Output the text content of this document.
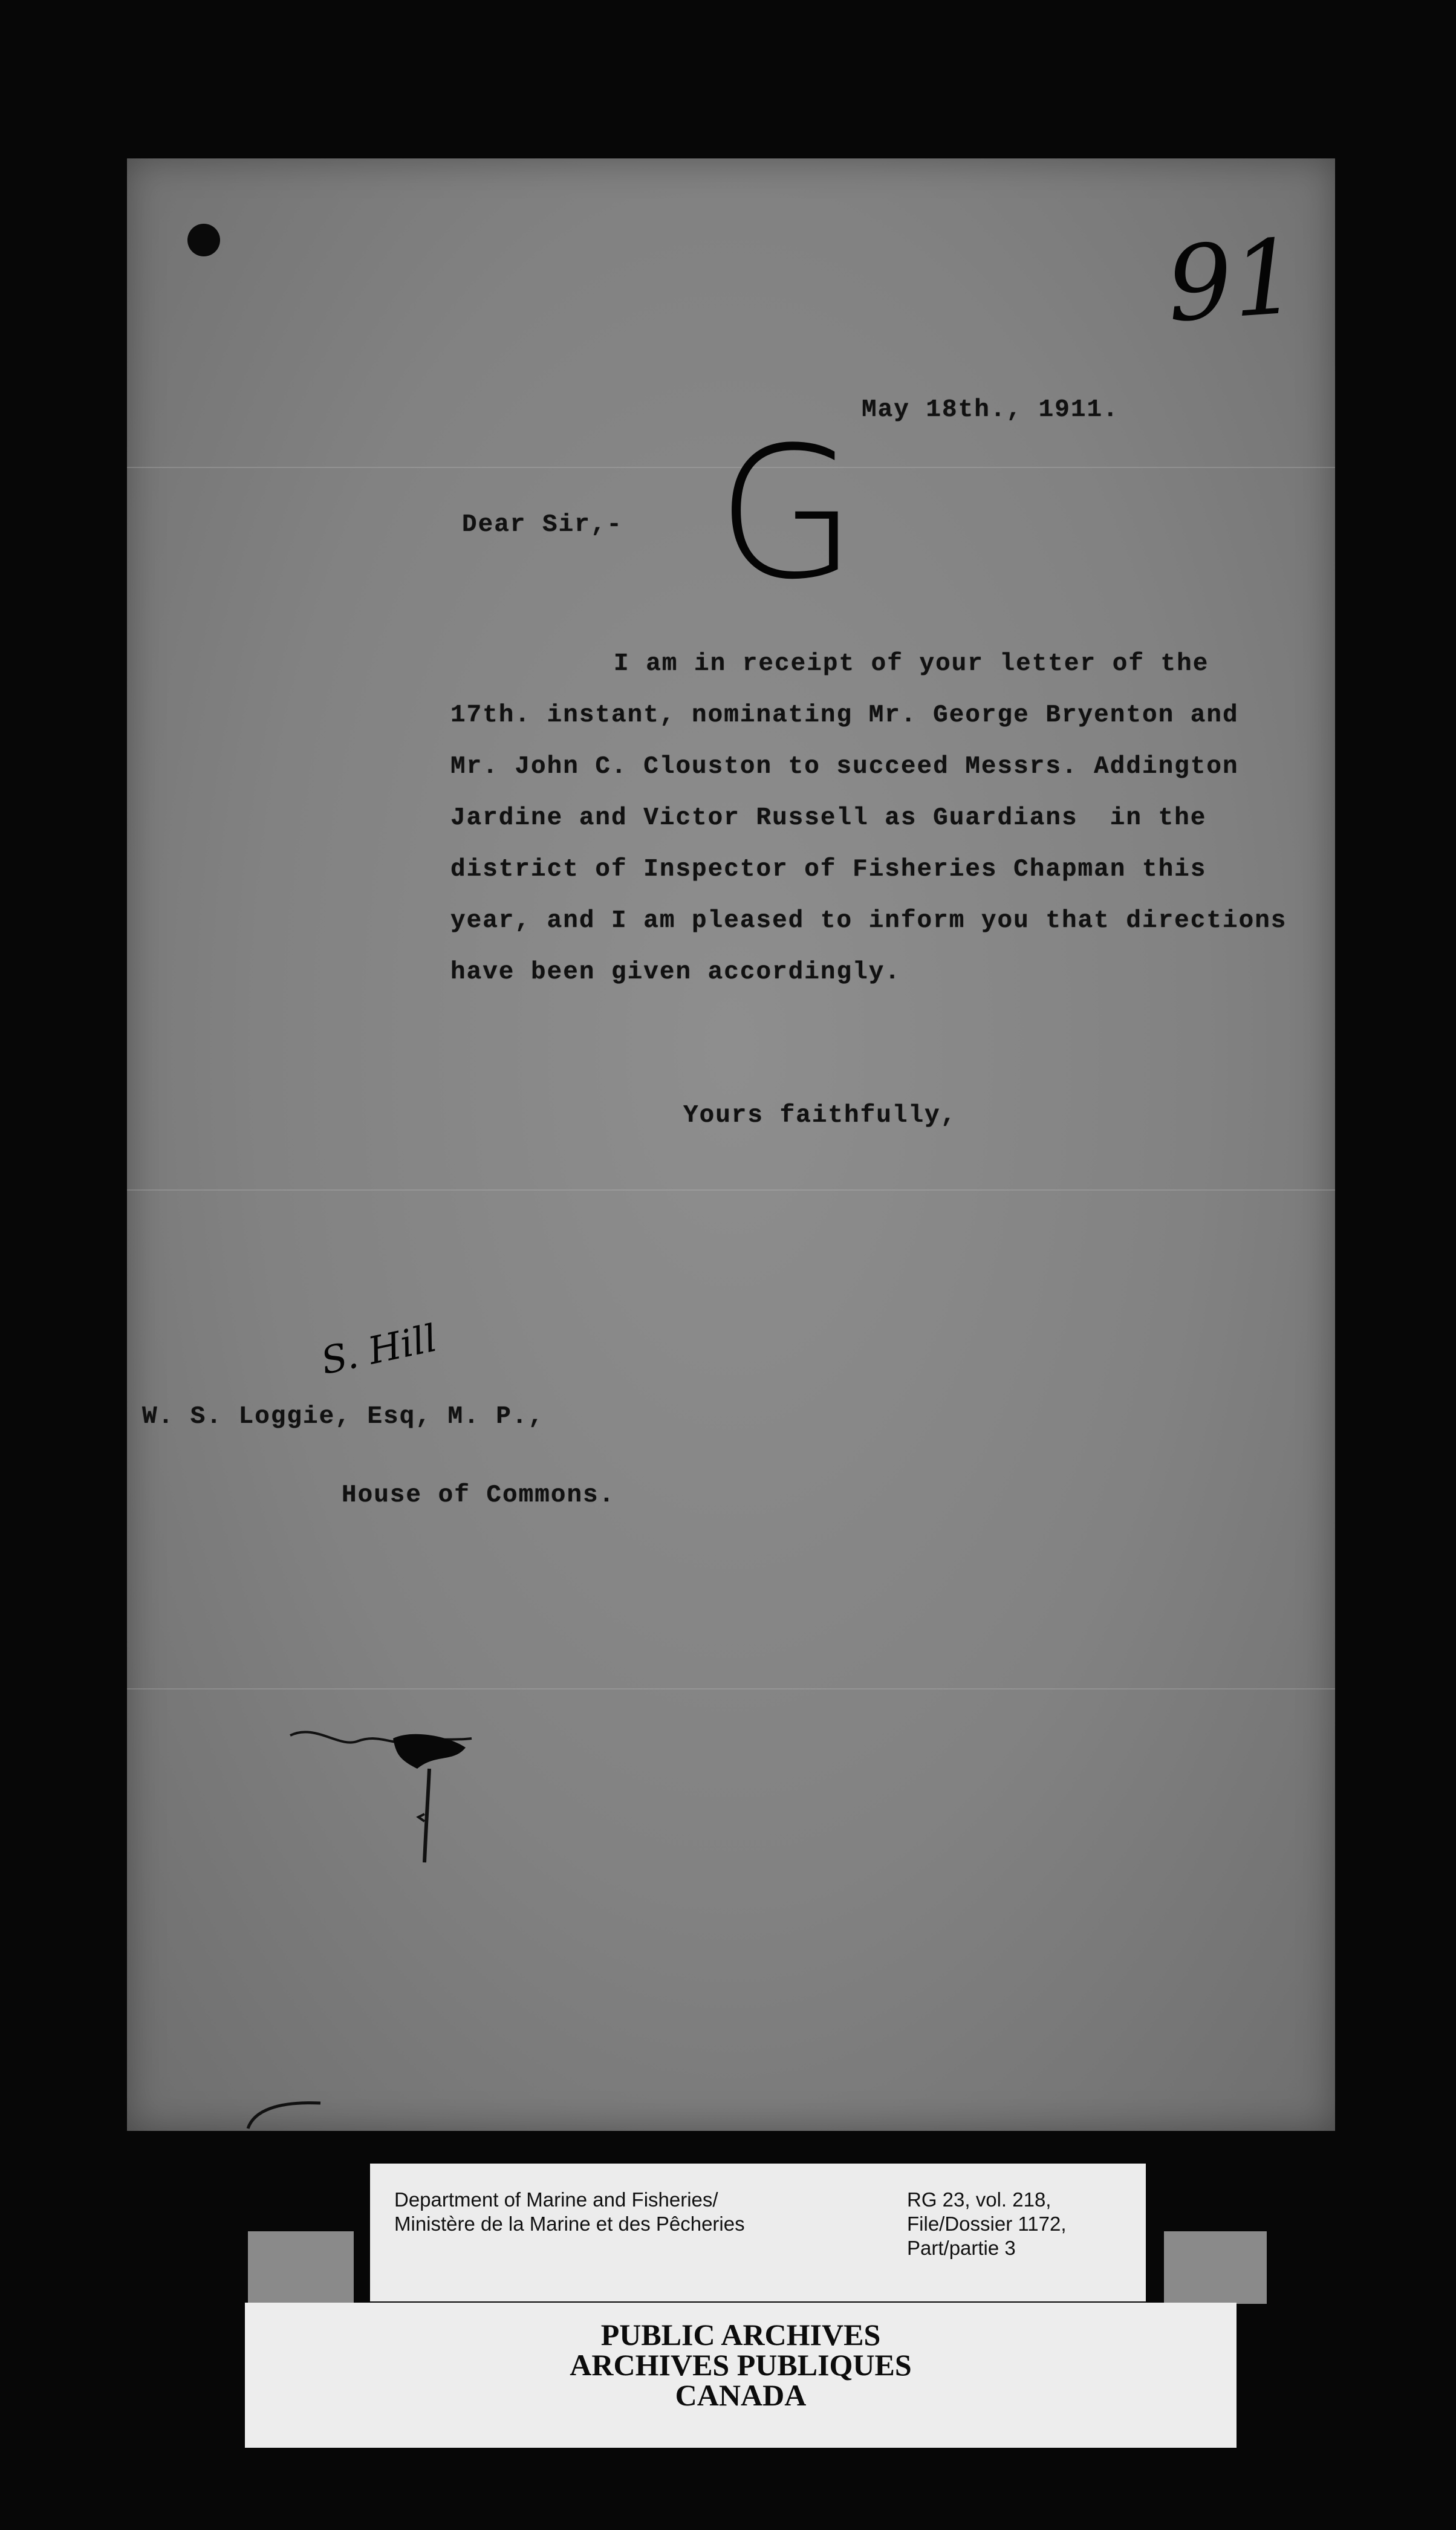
91
May 18th., 1911.
G
Dear Sir,-
I am in receipt of your letter of the
17th. instant, nominating Mr. George Bryenton and
Mr. John C. Clouston to succeed Messrs. Addington
Jardine and Victor Russell as Guardians  in the
district of Inspector of Fisheries Chapman this
year, and I am pleased to inform you that directions
have been given accordingly.
Yours faithfully,
S. Hill
W. S. Loggie, Esq, M. P.,
House of Commons.
Department of Marine and Fisheries/
Ministère de la Marine et des Pêcheries
RG 23, vol. 218,
File/Dossier 1172,
Part/partie 3
PUBLIC ARCHIVES
ARCHIVES PUBLIQUES
CANADA
